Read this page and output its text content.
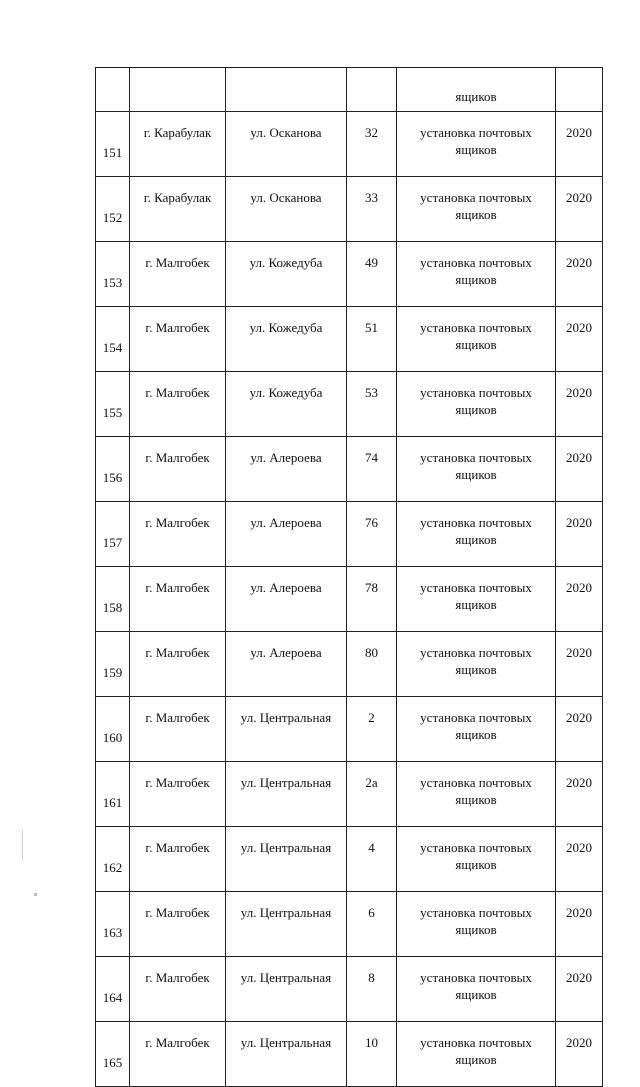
				ящиков	
151	г. Карабулак	ул. Осканова	32	установка почтовых ящиков	2020
152	г. Карабулак	ул. Осканова	33	установка почтовых ящиков	2020
153	г. Малгобек	ул. Кожедуба	49	установка почтовых ящиков	2020
154	г. Малгобек	ул. Кожедуба	51	установка почтовых ящиков	2020
155	г. Малгобек	ул. Кожедуба	53	установка почтовых ящиков	2020
156	г. Малгобек	ул. Алероева	74	установка почтовых ящиков	2020
157	г. Малгобек	ул. Алероева	76	установка почтовых ящиков	2020
158	г. Малгобек	ул. Алероева	78	установка почтовых ящиков	2020
159	г. Малгобек	ул. Алероева	80	установка почтовых ящиков	2020
160	г. Малгобек	ул. Центральная	2	установка почтовых ящиков	2020
161	г. Малгобек	ул. Центральная	2а	установка почтовых ящиков	2020
162	г. Малгобек	ул. Центральная	4	установка почтовых ящиков	2020
163	г. Малгобек	ул. Центральная	6	установка почтовых ящиков	2020
164	г. Малгобек	ул. Центральная	8	установка почтовых ящиков	2020
165	г. Малгобек	ул. Центральная	10	установка почтовых ящиков	2020
